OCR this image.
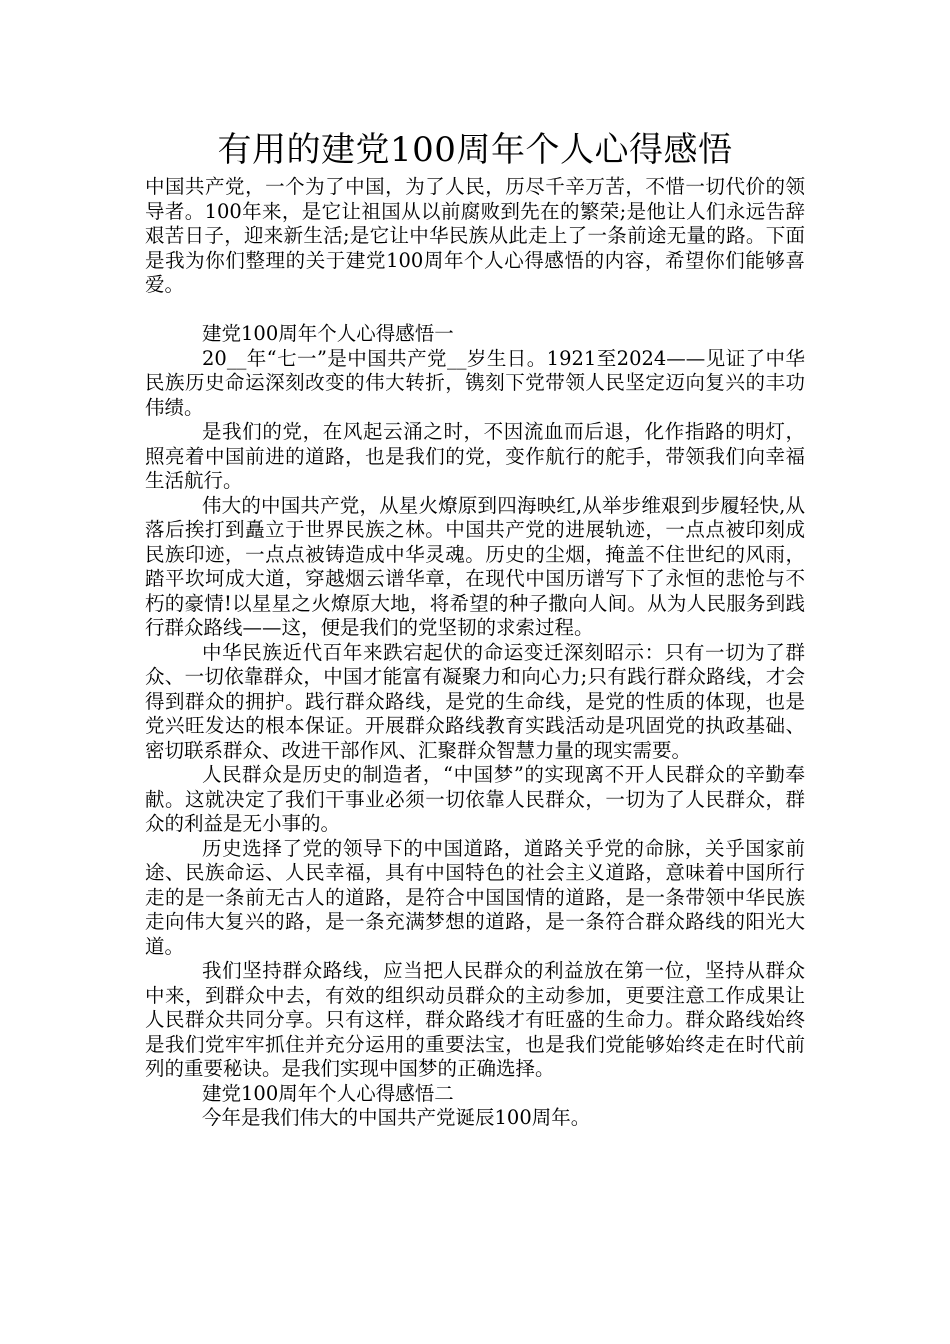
有用的建党100周年个人心得感悟

中国共产党，一个为了中国，为了人民，历尽千辛万苦，不惜一切代价的领导者。100年来，是它让祖国从以前腐败到先在的繁荣;是他让人们永远告辞艰苦日子，迎来新生活;是它让中华民族从此走上了一条前途无量的路。下面是我为你们整理的关于建党100周年个人心得感悟的内容，希望你们能够喜爱。

建党100周年个人心得感悟一

20__年“七一”是中国共产党__岁生日。1921至2024——见证了中华民族历史命运深刻改变的伟大转折，镌刻下党带领人民坚定迈向复兴的丰功伟绩。

是我们的党，在风起云涌之时，不因流血而后退，化作指路的明灯，照亮着中国前进的道路，也是我们的党，变作航行的舵手，带领我们向幸福生活航行。

伟大的中国共产党，从星火燎原到四海映红,从举步维艰到步履轻快,从落后挨打到矗立于世界民族之林。中国共产党的进展轨迹，一点点被印刻成民族印迹，一点点被铸造成中华灵魂。历史的尘烟，掩盖不住世纪的风雨，踏平坎坷成大道，穿越烟云谱华章，在现代中国历谱写下了永恒的悲怆与不朽的豪情!以星星之火燎原大地，将希望的种子撒向人间。从为人民服务到践行群众路线——这，便是我们的党坚韧的求索过程。

中华民族近代百年来跌宕起伏的命运变迁深刻昭示：只有一切为了群众、一切依靠群众，中国才能富有凝聚力和向心力;只有践行群众路线，才会得到群众的拥护。践行群众路线，是党的生命线，是党的性质的体现，也是党兴旺发达的根本保证。开展群众路线教育实践活动是巩固党的执政基础、密切联系群众、改进干部作风、汇聚群众智慧力量的现实需要。

人民群众是历史的制造者，“中国梦”的实现离不开人民群众的辛勤奉献。这就决定了我们干事业必须一切依靠人民群众，一切为了人民群众，群众的利益是无小事的。

历史选择了党的领导下的中国道路，道路关乎党的命脉，关乎国家前途、民族命运、人民幸福，具有中国特色的社会主义道路，意味着中国所行走的是一条前无古人的道路，是符合中国国情的道路，是一条带领中华民族走向伟大复兴的路，是一条充满梦想的道路，是一条符合群众路线的阳光大道。

我们坚持群众路线，应当把人民群众的利益放在第一位，坚持从群众中来，到群众中去，有效的组织动员群众的主动参加，更要注意工作成果让人民群众共同分享。只有这样，群众路线才有旺盛的生命力。群众路线始终是我们党牢牢抓住并充分运用的重要法宝，也是我们党能够始终走在时代前列的重要秘诀。是我们实现中国梦的正确选择。

建党100周年个人心得感悟二

今年是我们伟大的中国共产党诞辰100周年。
